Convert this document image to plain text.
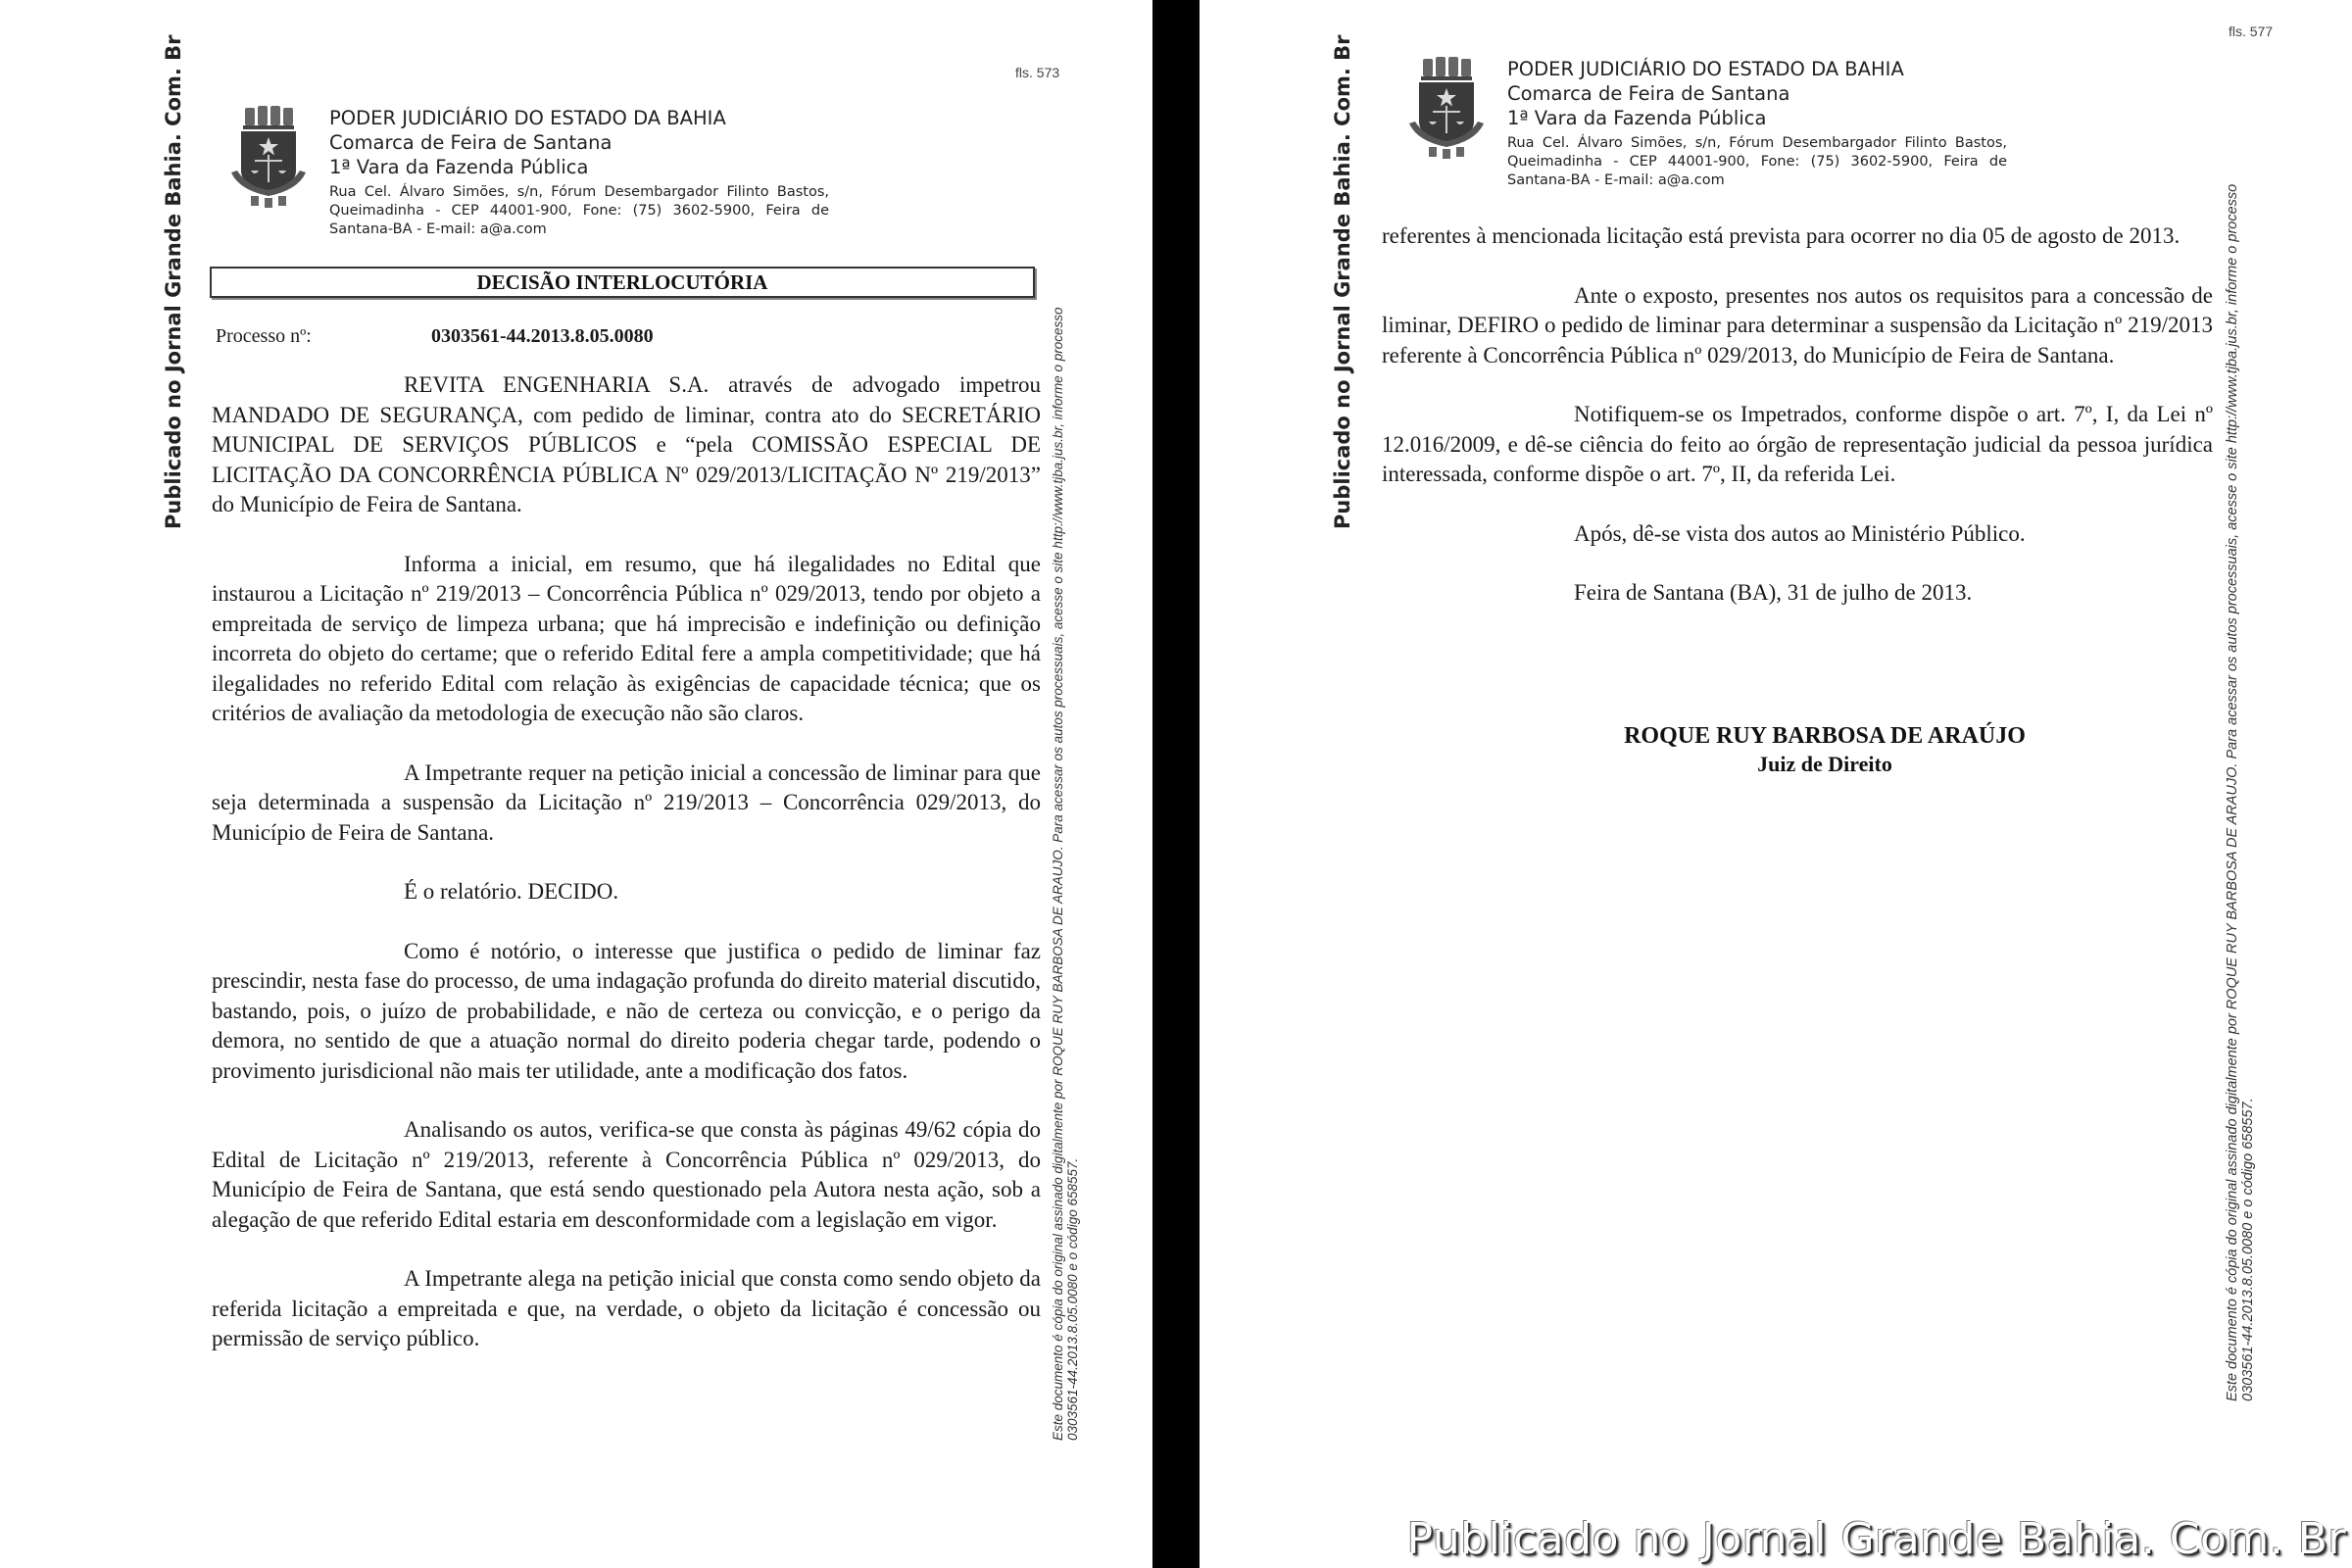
fls. 573
Publicado no Jornal Grande Bahia. Com. Br	PODER JUDICIÁRIO DO ESTADO DA BAHIA
Comarca de Feira de Santana
1ª Vara da Fazenda Pública
Rua Cel. Álvaro Simões, s/n, Fórum Desembargador Filinto Bastos, Queimadinha - CEP 44001-900, Fone: (75) 3602-5900, Feira de Santana-BA - E-mail: a@a.com
DECISÃO INTERLOCUTÓRIA
Processo nº:	0303561-44.2013.8.05.0080

REVITA ENGENHARIA S.A. através de advogado impetrou MANDADO DE SEGURANÇA, com pedido de liminar, contra ato do SECRETÁRIO MUNICIPAL DE SERVIÇOS PÚBLICOS e “pela COMISSÃO ESPECIAL DE LICITAÇÃO DA CONCORRÊNCIA PÚBLICA Nº 029/2013/LICITAÇÃO Nº 219/2013” do Município de Feira de Santana.

Informa a inicial, em resumo, que há ilegalidades no Edital que instaurou a Licitação nº 219/2013 – Concorrência Pública nº 029/2013, tendo por objeto a empreitada de serviço de limpeza urbana; que há imprecisão e indefinição ou definição incorreta do objeto do certame; que o referido Edital fere a ampla competitividade; que há ilegalidades no referido Edital com relação às exigências de capacidade técnica; que os critérios de avaliação da metodologia de execução não são claros.

A Impetrante requer na petição inicial a concessão de liminar para que seja determinada a suspensão da Licitação nº 219/2013 – Concorrência 029/2013, do Município de Feira de Santana.

É o relatório. DECIDO.

Como é notório, o interesse que justifica o pedido de liminar faz prescindir, nesta fase do processo, de uma indagação profunda do direito material discutido, bastando, pois, o juízo de probabilidade, e não de certeza ou convicção, e o perigo da demora, no sentido de que a atuação normal do direito poderia chegar tarde, podendo o provimento jurisdicional não mais ter utilidade, ante a modificação dos fatos.

Analisando os autos, verifica-se que consta às páginas 49/62 cópia do Edital de Licitação nº 219/2013, referente à Concorrência Pública nº 029/2013, do Município de Feira de Santana, que está sendo questionado pela Autora nesta ação, sob a alegação de que referido Edital estaria em desconformidade com a legislação em vigor.

A Impetrante alega na petição inicial que consta como sendo objeto da referida licitação a empreitada e que, na verdade, o objeto da licitação é concessão ou permissão de serviço público.	Este documento é cópia do original assinado digitalmente por ROQUE RUY BARBOSA DE ARAUJO. Para acessar os autos processuais, acesse o site http://www.tjba.jus.br, informe o processo 0303561-44.2013.8.05.0080 e o código 658557.
fls. 577
Publicado no Jornal Grande Bahia. Com. Br	PODER JUDICIÁRIO DO ESTADO DA BAHIA
Comarca de Feira de Santana
1ª Vara da Fazenda Pública
Rua Cel. Álvaro Simões, s/n, Fórum Desembargador Filinto Bastos, Queimadinha - CEP 44001-900, Fone: (75) 3602-5900, Feira de Santana-BA - E-mail: a@a.com

referentes à mencionada licitação está prevista para ocorrer no dia 05 de agosto de 2013.

Ante o exposto, presentes nos autos os requisitos para a concessão de liminar, DEFIRO o pedido de liminar para determinar a suspensão da Licitação nº 219/2013 referente à Concorrência Pública nº 029/2013, do Município de Feira de Santana.

Notifiquem-se os Impetrados, conforme dispõe o art. 7º, I, da Lei nº 12.016/2009, e dê-se ciência do feito ao órgão de representação judicial da pessoa jurídica interessada, conforme dispõe o art. 7º, II, da referida Lei.

Após, dê-se vista dos autos ao Ministério Público.

Feira de Santana (BA), 31 de julho de 2013.

ROQUE RUY BARBOSA DE ARAÚJO
Juiz de Direito	Este documento é cópia do original assinado digitalmente por ROQUE RUY BARBOSA DE ARAUJO. Para acessar os autos processuais, acesse o site http://www.tjba.jus.br, informe o processo 0303561-44.2013.8.05.0080 e o código 658557.
Publicado no Jornal Grande Bahia. Com. Br
